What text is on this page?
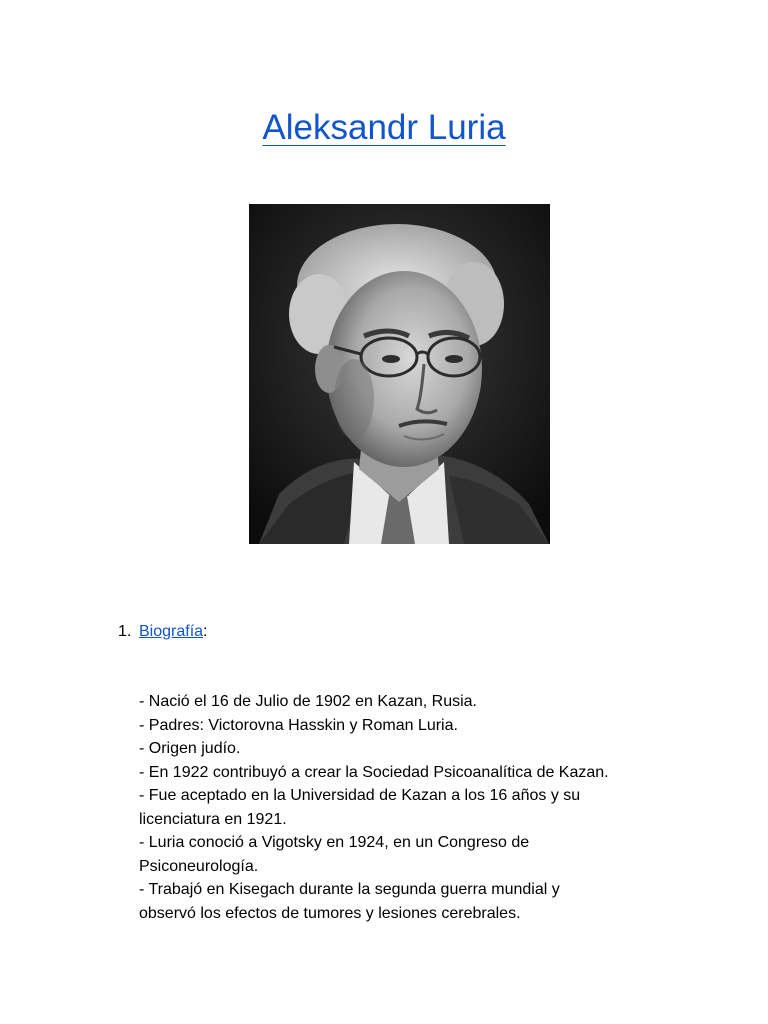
Aleksandr Luria
1. Biografía:
- Nació el 16 de Julio de 1902 en Kazan, Rusia.
- Padres: Victorovna Hasskin y Roman Luria.
- Origen judío.
- En 1922 contribuyó a crear la Sociedad Psicoanalítica de Kazan.
- Fue aceptado en la Universidad de Kazan a los 16 años y su
licenciatura en 1921.
- Luria conoció a Vigotsky en 1924, en un Congreso de
Psiconeurología.
- Trabajó en Kisegach durante la segunda guerra mundial y
observó los efectos de tumores y lesiones cerebrales.
